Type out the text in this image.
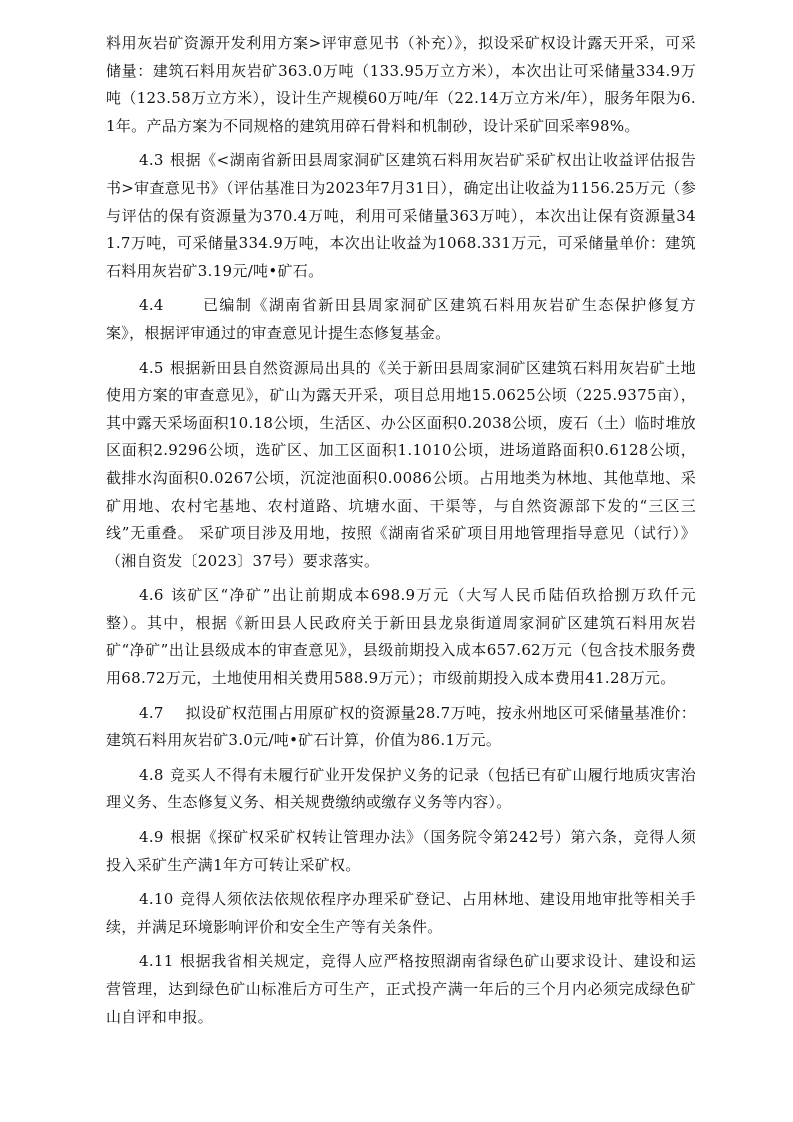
料用灰岩矿资源开发利用方案>评审意见书（补充）》，拟设采矿权设计露天开采，可采储量：建筑石料用灰岩矿363.0万吨（133.95万立方米），本次出让可采储量334.9万吨（123.58万立方米），设计生产规模60万吨/年（22.14万立方米/年），服务年限为6.1年。产品方案为不同规格的建筑用碎石骨料和机制砂，设计采矿回采率98%。

4.3 根据《<湖南省新田县周家洞矿区建筑石料用灰岩矿采矿权出让收益评估报告书>审查意见书》（评估基准日为2023年7月31日），确定出让收益为1156.25万元（参与评估的保有资源量为370.4万吨，利用可采储量363万吨），本次出让保有资源量341.7万吨，可采储量334.9万吨，本次出让收益为1068.331万元，可采储量单价：建筑石料用灰岩矿3.19元/吨•矿石。

4.4	已编制《湖南省新田县周家洞矿区建筑石料用灰岩矿生态保护修复方案》，根据评审通过的审查意见计提生态修复基金。

4.5 根据新田县自然资源局出具的《关于新田县周家洞矿区建筑石料用灰岩矿土地使用方案的审查意见》，矿山为露天开采，项目总用地15.0625公顷（225.9375亩），其中露天采场面积10.18公顷，生活区、办公区面积0.2038公顷，废石（土）临时堆放区面积2.9296公顷，选矿区、加工区面积1.1010公顷，进场道路面积0.6128公顷，截排水沟面积0.0267公顷，沉淀池面积0.0086公顷。占用地类为林地、其他草地、采矿用地、农村宅基地、农村道路、坑塘水面、干渠等，与自然资源部下发的“三区三线”无重叠。 采矿项目涉及用地，按照《湖南省采矿项目用地管理指导意见（试行）》（湘自资发〔2023〕37号）要求落实。

4.6 该矿区“净矿”出让前期成本698.9万元（大写人民币陆佰玖拾捌万玖仟元整）。其中，根据《新田县人民政府关于新田县龙泉街道周家洞矿区建筑石料用灰岩矿“净矿”出让县级成本的审查意见》，县级前期投入成本657.62万元（包含技术服务费用68.72万元，土地使用相关费用588.9万元）；市级前期投入成本费用41.28万元。

4.7 拟设矿权范围占用原矿权的资源量28.7万吨，按永州地区可采储量基准价：建筑石料用灰岩矿3.0元/吨•矿石计算，价值为86.1万元。

4.8 竞买人不得有未履行矿业开发保护义务的记录（包括已有矿山履行地质灾害治理义务、生态修复义务、相关规费缴纳或缴存义务等内容）。

4.9 根据《探矿权采矿权转让管理办法》（国务院令第242号）第六条，竞得人须投入采矿生产满1年方可转让采矿权。

4.10 竞得人须依法依规依程序办理采矿登记、占用林地、建设用地审批等相关手续，并满足环境影响评价和安全生产等有关条件。

4.11 根据我省相关规定，竞得人应严格按照湖南省绿色矿山要求设计、建设和运营管理，达到绿色矿山标准后方可生产，正式投产满一年后的三个月内必须完成绿色矿山自评和申报。
